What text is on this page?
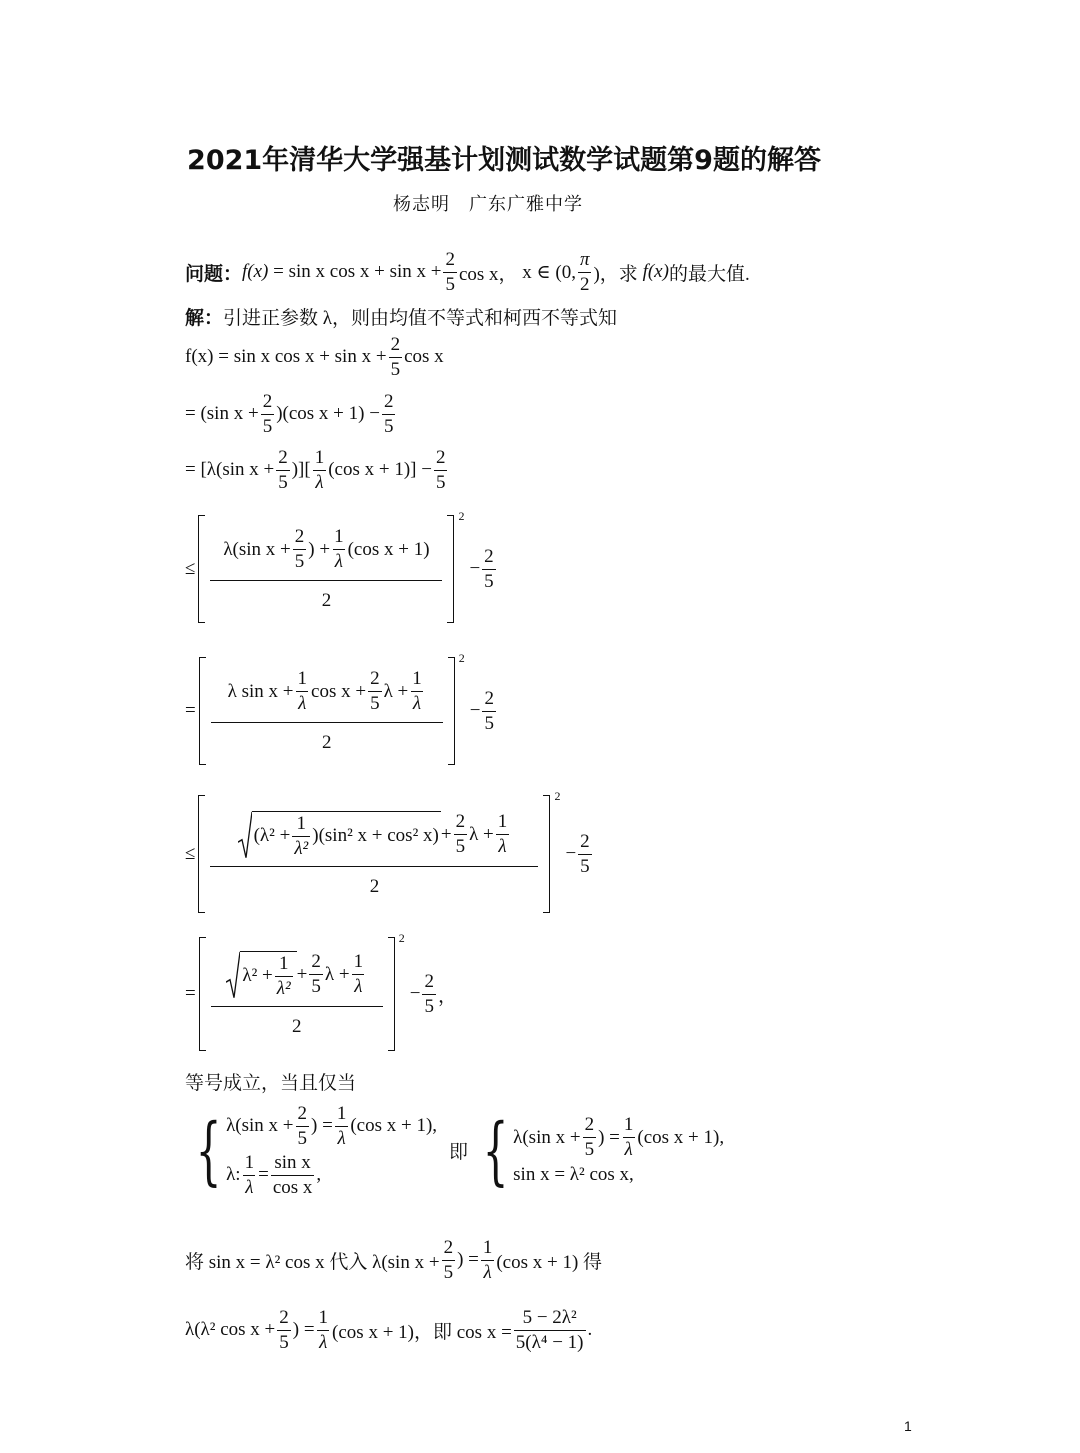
2021年清华大学强基计划测试数学试题第9题的解答
杨志明　广东广雅中学
问题： f(x)
= sin x $\cos x + \sin x + \frac{2}{5}$ cos x，
x ∈ (0, $\frac{\pi}{2}$ )，求
f(x) 的最大值.
解：引进正参数 λ，则由均值不等式和柯西不等式知
f(x) = sin x $\cos x + \sin x + \frac{2}{5}$ cos x
= (sin $x + \frac{2}{5} )(\cos$ $x + 1) - \frac{2}{5}$
= [λ(sin $x + \frac{2}{5}$ )][ $\frac{1}{\lambda} (\cos$ $x + 1)] - \frac{2}{5}$
≤
λ(sin $x + \frac{2}{5}$ ) + $\frac{1}{\lambda} (\cos$ x + 1)
2
2
− $\frac{2}{5}$
=
λ $\sin x + \frac{1}{\lambda}$ $\cos x + \frac{2}{5}$ $\lambda + \frac{1}{\lambda}$
2
2
− $\frac{2}{5}$
≤
$(\lambda^2 + \frac{1}{\text{λ²}} )(\sin^2$ x + cos² $x) + \frac{2}{5}$ $\lambda + \frac{1}{\lambda}$
2
2
− $\frac{2}{5}$
=
$\lambda^2 + \frac{1}{\text{λ²}} + \frac{2}{5}$ $\lambda + \frac{1}{\lambda}$
2
2
− $\frac{2}{5}$ ，
等号成立，当且仅当
{ λ(sin $x + \frac{2}{5}$ ) = $\frac{1}{\lambda} (\cos$ x + 1),
λ: $\frac{1}{\lambda} = \frac{\text{sin x}}{\text{cos x}}$ ,
即 { λ(sin $x + \frac{2}{5}$ ) = $\frac{1}{\lambda} (\cos$ x + 1),
sin x = λ² cos x,
将 sin x = λ² cos x 代入 λ(sin $x + \frac{2}{5}$ ) = $\frac{1}{\lambda} (\cos$ x + 1) 得
λ(λ² $\cos x + \frac{2}{5}$ ) = $\frac{1}{\lambda} (\cos$ x + 1)，即 $\cos x = \frac{\text{5 − 2λ²}}{\text{5(λ⁴ − 1)}}$ .
1
